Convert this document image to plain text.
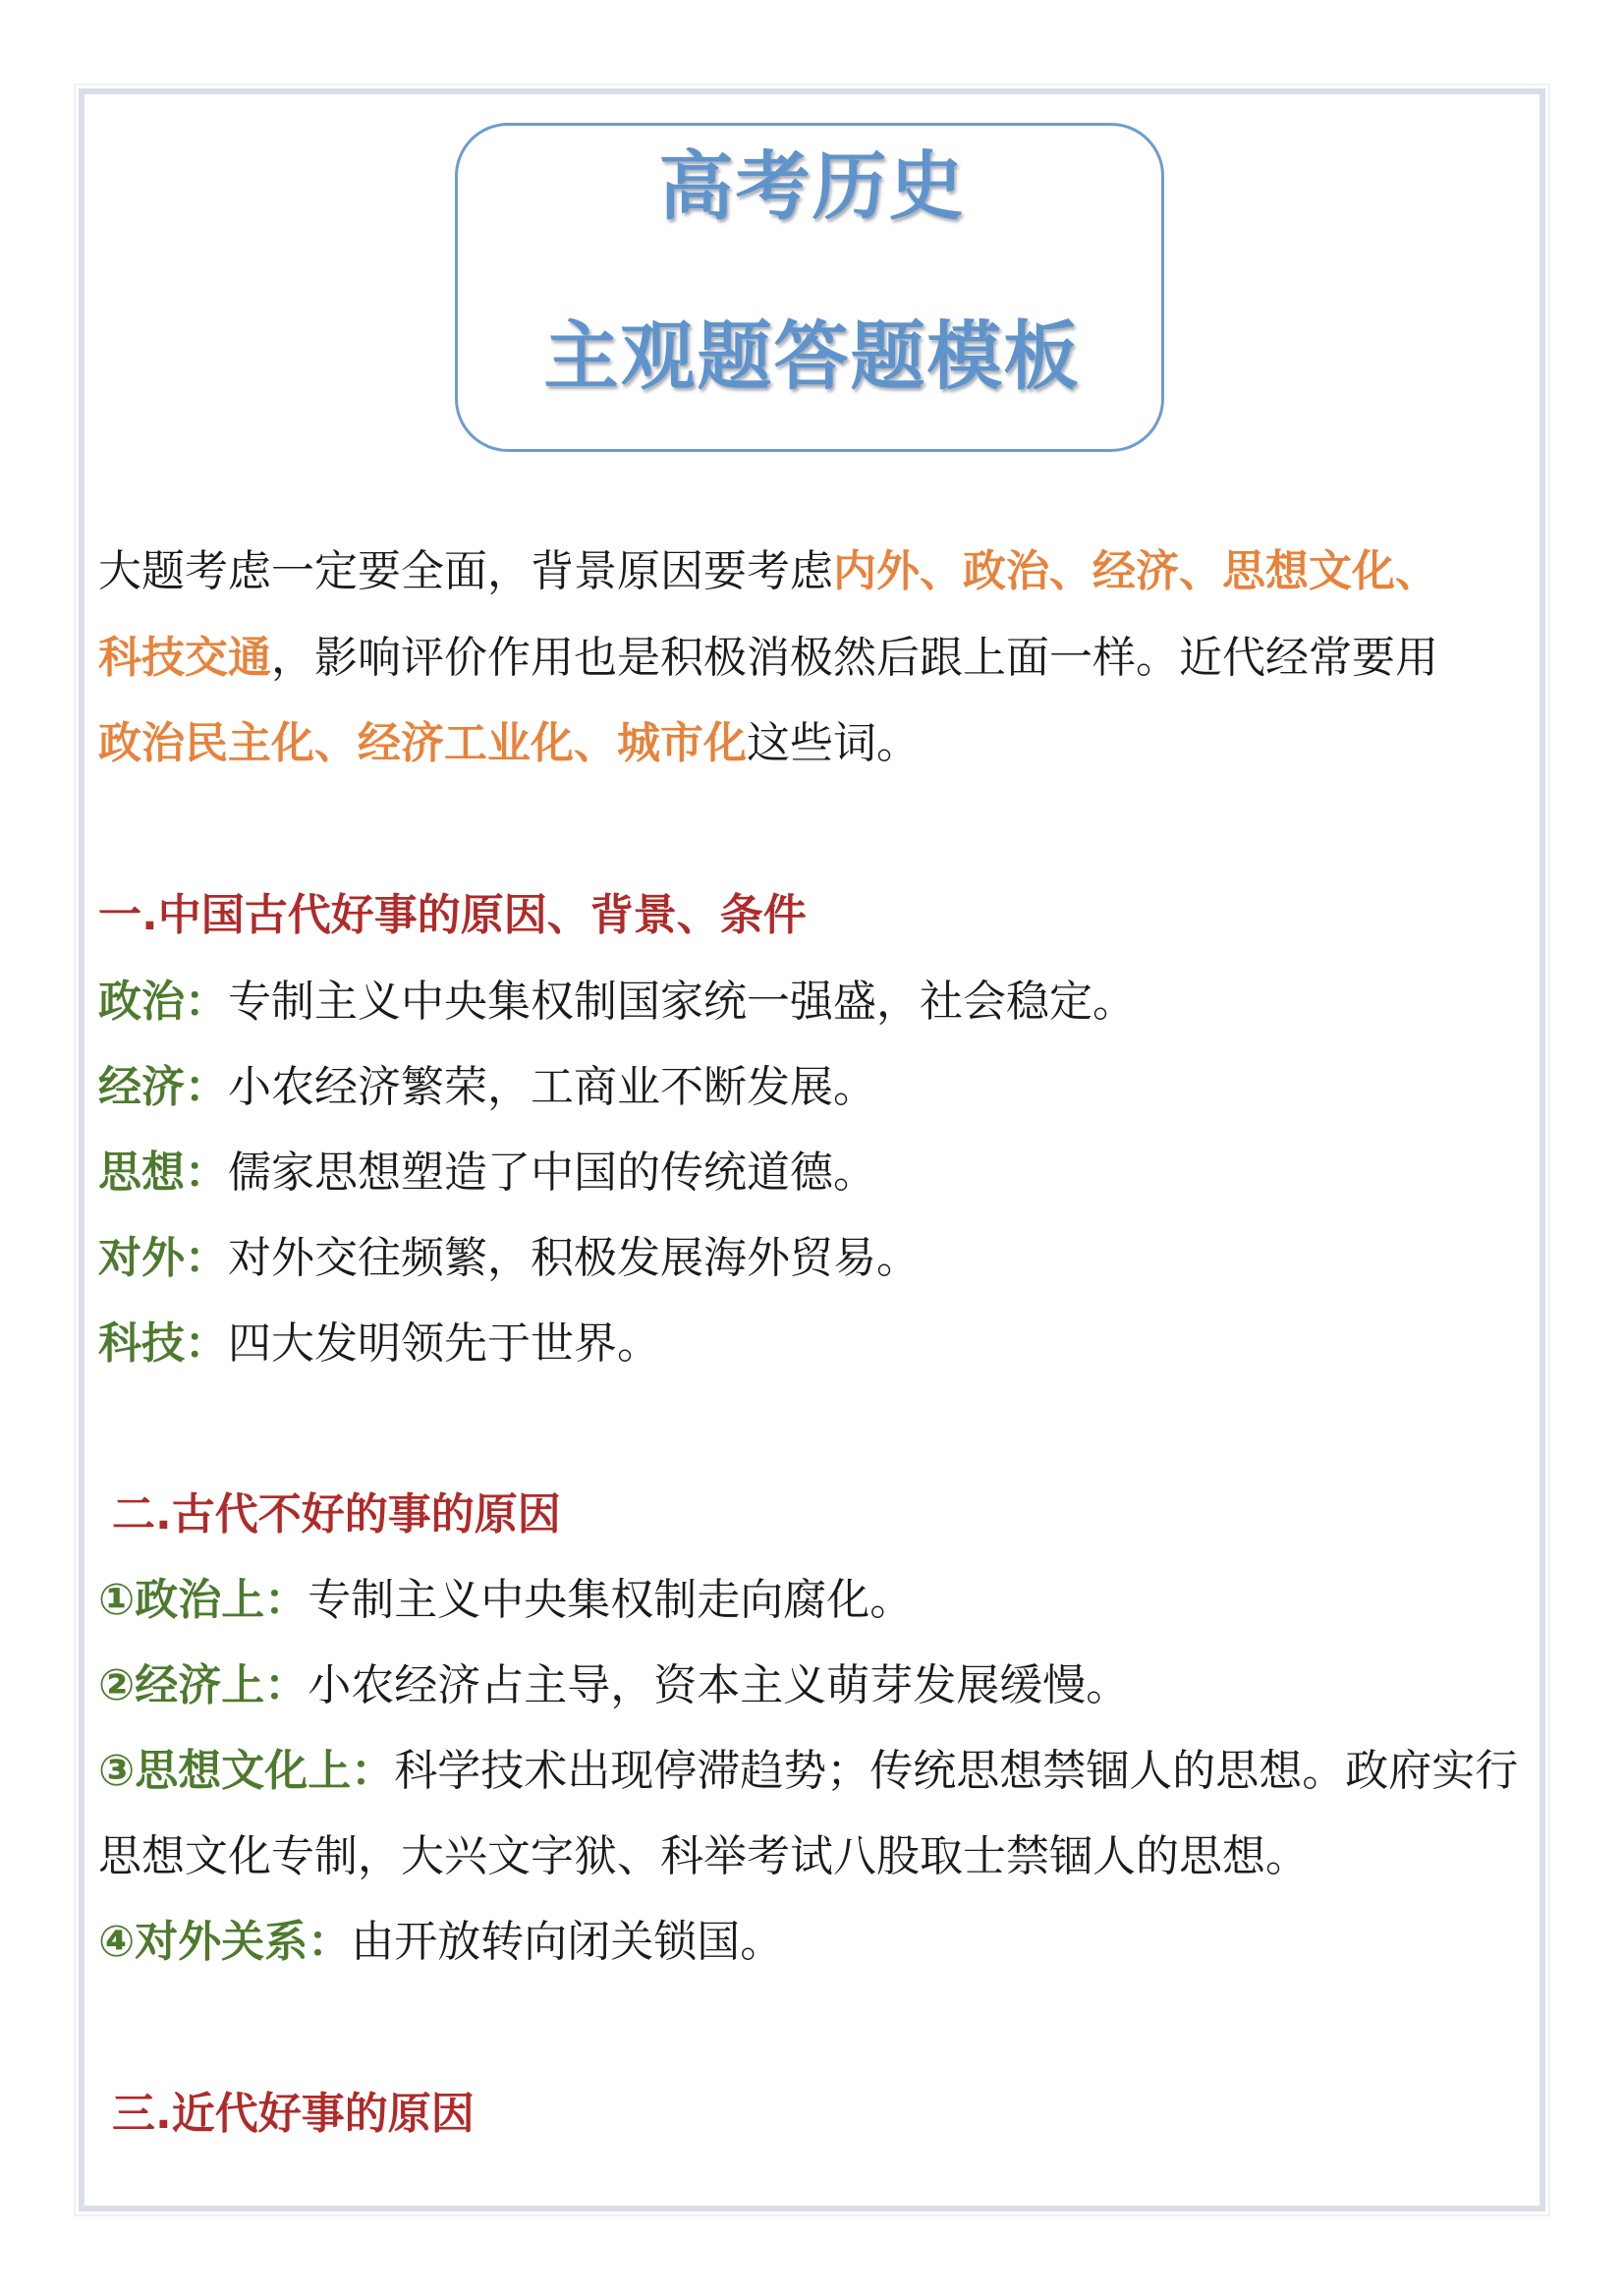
高考历史
主观题答题模板
大题考虑一定要全面，背景原因要考虑内外、政治、经济、思想文化、
科技交通，影响评价作用也是积极消极然后跟上面一样。近代经常要用
政治民主化、经济工业化、城市化这些词。
一.中国古代好事的原因、背景、条件
政治：专制主义中央集权制国家统一强盛，社会稳定。
经济：小农经济繁荣，工商业不断发展。
思想：儒家思想塑造了中国的传统道德。
对外：对外交往频繁，积极发展海外贸易。
科技：四大发明领先于世界。
二.古代不好的事的原因
①政治上：专制主义中央集权制走向腐化。
②经济上：小农经济占主导，资本主义萌芽发展缓慢。
③思想文化上：科学技术出现停滞趋势；传统思想禁锢人的思想。政府实行
思想文化专制，大兴文字狱、科举考试八股取士禁锢人的思想。
④对外关系：由开放转向闭关锁国。
三.近代好事的原因
